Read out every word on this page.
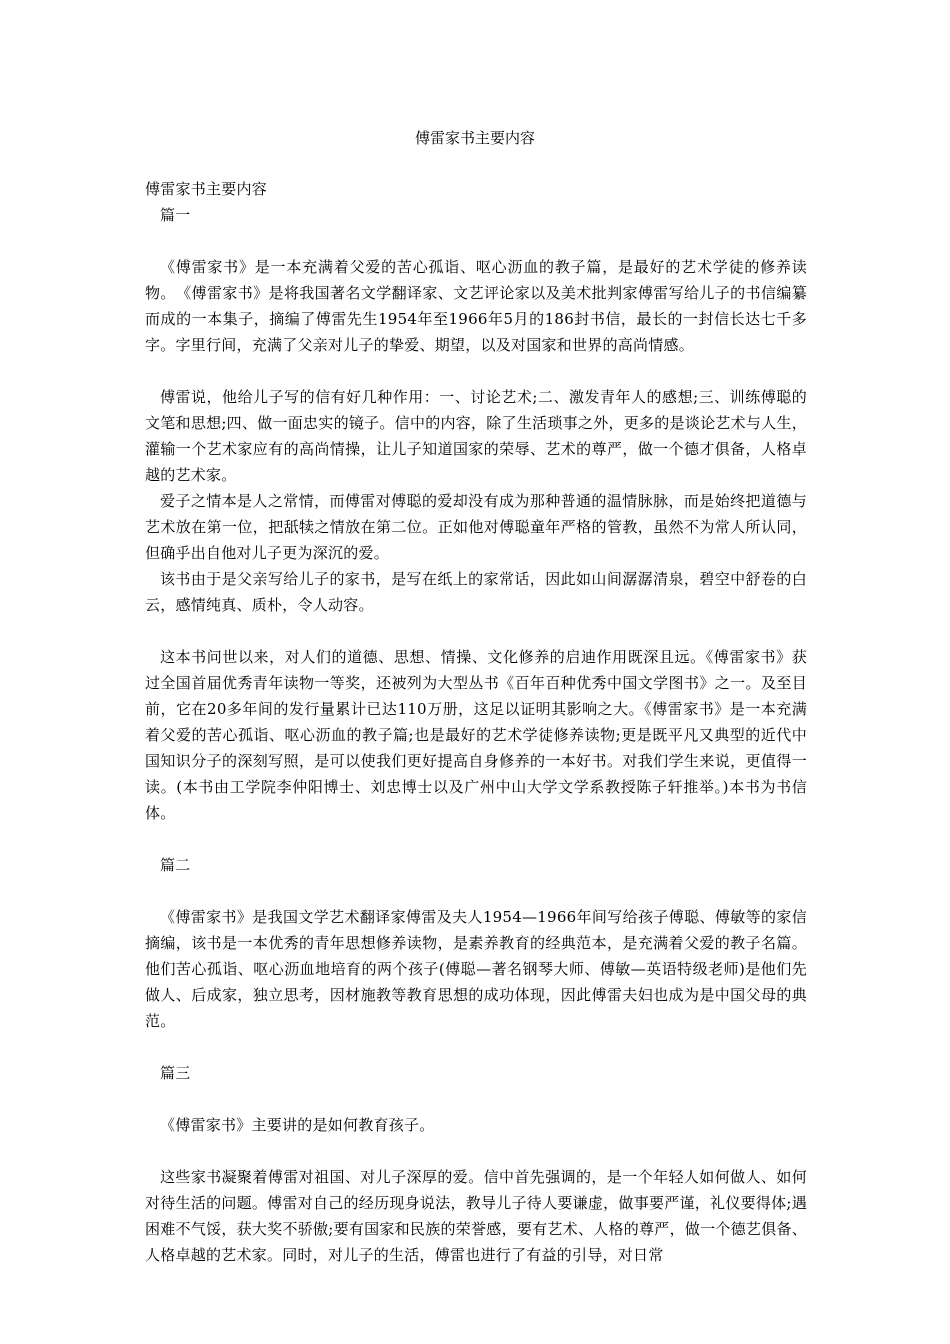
傅雷家书主要内容

傅雷家书主要内容

篇一

《傅雷家书》是一本充满着父爱的苦心孤诣、呕心沥血的教子篇，是最好的艺术学徒的修养读物。　《傅雷家书》是将我国著名文学翻译家、文艺评论家以及美术批判家傅雷写给儿子的书信编纂而成的一本集子，摘编了傅雷先生1954年至1966年5月的186封书信，最长的一封信长达七千多字。字里行间，充满了父亲对儿子的挚爱、期望，以及对国家和世界的高尚情感。

傅雷说，他给儿子写的信有好几种作用：一、讨论艺术;二、激发青年人的感想;三、训练傅聪的文笔和思想;四、做一面忠实的镜子。信中的内容，除了生活琐事之外，更多的是谈论艺术与人生，灌输一个艺术家应有的高尚情操，让儿子知道国家的荣辱、艺术的尊严，做一个德才俱备，人格卓越的艺术家。

爱子之情本是人之常情，而傅雷对傅聪的爱却没有成为那种普通的温情脉脉，而是始终把道德与艺术放在第一位，把舐犊之情放在第二位。正如他对傅聪童年严格的管教，虽然不为常人所认同，但确乎出自他对儿子更为深沉的爱。

该书由于是父亲写给儿子的家书，是写在纸上的家常话，因此如山间潺潺清泉，碧空中舒卷的白云，感情纯真、质朴，令人动容。

这本书问世以来，对人们的道德、思想、情操、文化修养的启迪作用既深且远。《傅雷家书》获过全国首届优秀青年读物一等奖，还被列为大型丛书《百年百种优秀中国文学图书》之一。及至目前，它在20多年间的发行量累计已达110万册，这足以证明其影响之大。《傅雷家书》是一本充满着父爱的苦心孤诣、呕心沥血的教子篇;也是最好的艺术学徒修养读物;更是既平凡又典型的近代中国知识分子的深刻写照，是可以使我们更好提高自身修养的一本好书。对我们学生来说，更值得一读。(本书由工学院李仲阳博士、刘忠博士以及广州中山大学文学系教授陈子轩推举。)本书为书信体。

篇二

《傅雷家书》是我国文学艺术翻译家傅雷及夫人1954—1966年间写给孩子傅聪、傅敏等的家信摘编，该书是一本优秀的青年思想修养读物，是素养教育的经典范本，是充满着父爱的教子名篇。他们苦心孤诣、呕心沥血地培育的两个孩子(傅聪—著名钢琴大师、傅敏—英语特级老师)是他们先做人、后成家，独立思考，因材施教等教育思想的成功体现，因此傅雷夫妇也成为是中国父母的典范。

篇三

《傅雷家书》主要讲的是如何教育孩子。

这些家书凝聚着傅雷对祖国、对儿子深厚的爱。信中首先强调的，是一个年轻人如何做人、如何对待生活的问题。傅雷对自己的经历现身说法，教导儿子待人要谦虚，做事要严谨，礼仪要得体;遇困难不气馁，获大奖不骄傲;要有国家和民族的荣誉感，要有艺术、人格的尊严，做一个德艺俱备、人格卓越的艺术家。同时，对儿子的生活，傅雷也进行了有益的引导，对日常
